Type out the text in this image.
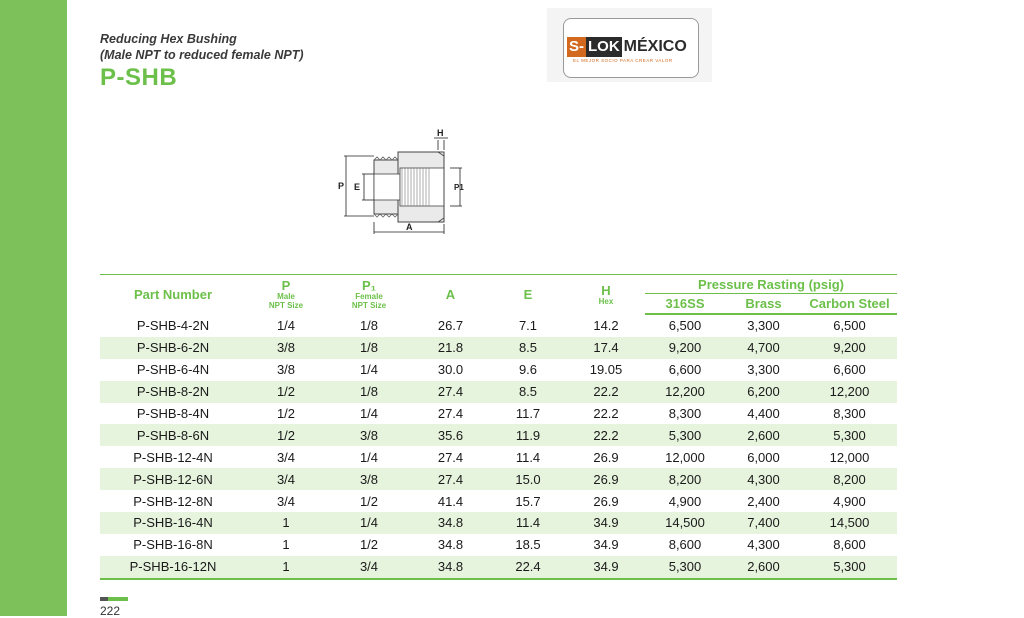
Reducing Hex Bushing
(Male NPT to reduced female NPT)
P-SHB
S- LOK MÉXICO
EL MEJOR SOCIO PARA CREAR VALOR
P E	P1
H
A
Part Number	P
Male
NPT Size	P₁
Female
NPT Size	A	E	H
Hex	Pressure Rasting (psig)		
						316SS	Brass	Carbon Steel
P-SHB-4-2N	1/4	1/8	26.7	7.1	14.2	6,500	3,300	6,500
P-SHB-6-2N	3/8	1/8	21.8	8.5	17.4	9,200	4,700	9,200
P-SHB-6-4N	3/8	1/4	30.0	9.6	19.05	6,600	3,300	6,600
P-SHB-8-2N	1/2	1/8	27.4	8.5	22.2	12,200	6,200	12,200
P-SHB-8-4N	1/2	1/4	27.4	11.7	22.2	8,300	4,400	8,300
P-SHB-8-6N	1/2	3/8	35.6	11.9	22.2	5,300	2,600	5,300
P-SHB-12-4N	3/4	1/4	27.4	11.4	26.9	12,000	6,000	12,000
P-SHB-12-6N	3/4	3/8	27.4	15.0	26.9	8,200	4,300	8,200
P-SHB-12-8N	3/4	1/2	41.4	15.7	26.9	4,900	2,400	4,900
P-SHB-16-4N	1	1/4	34.8	11.4	34.9	14,500	7,400	14,500
P-SHB-16-8N	1	1/2	34.8	18.5	34.9	8,600	4,300	8,600
P-SHB-16-12N	1	3/4	34.8	22.4	34.9	5,300	2,600	5,300
222
